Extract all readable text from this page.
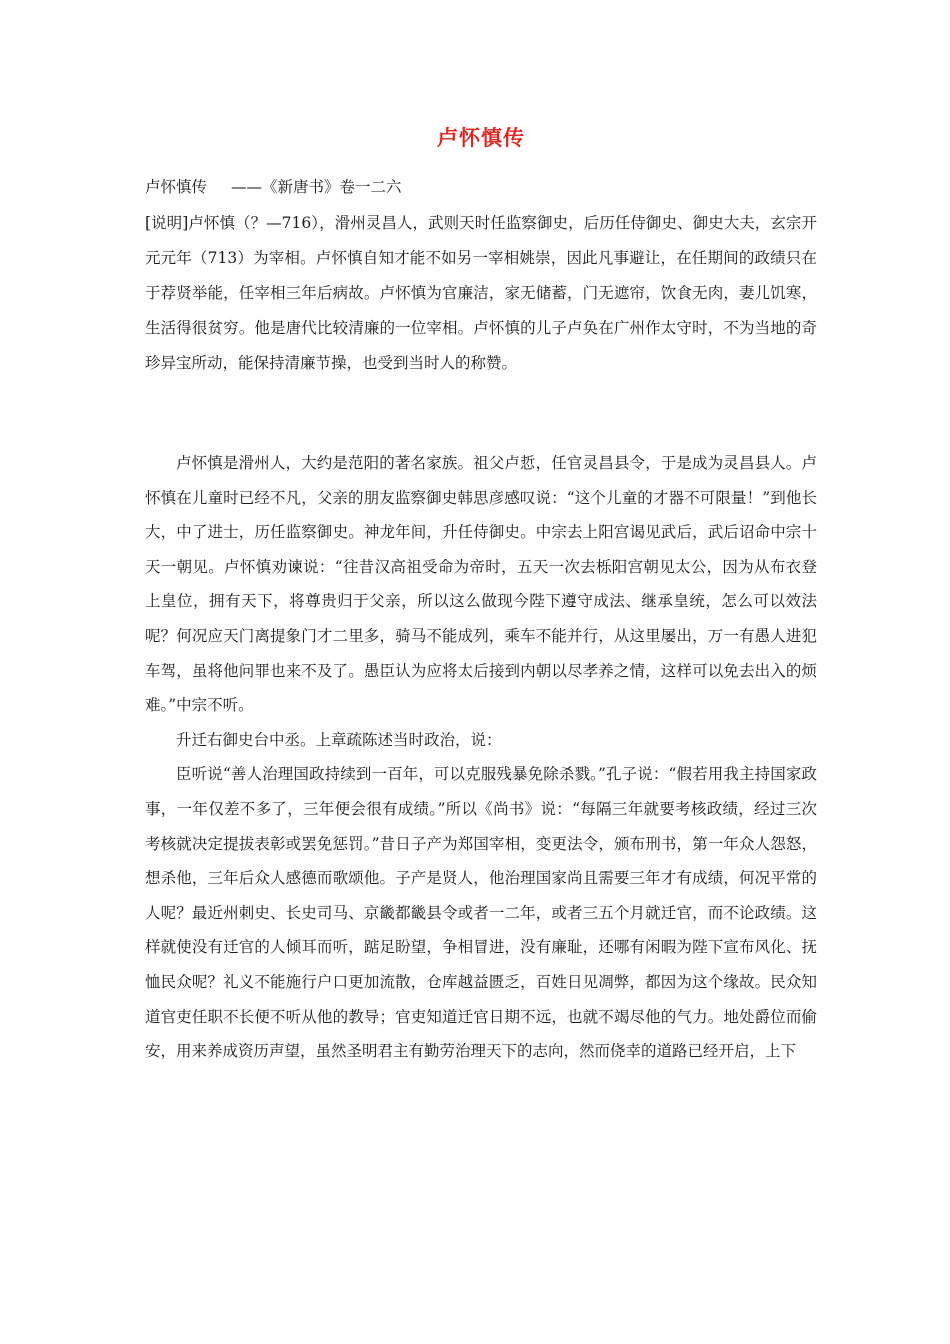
卢怀慎传

卢怀慎传 ——《新唐书》卷一二六

[说明]卢怀慎（？—716），滑州灵昌人，武则天时任监察御史，后历任侍御史、御史大夫，玄宗开元元年（713）为宰相。卢怀慎自知才能不如另一宰相姚崇，因此凡事避让，在任期间的政绩只在于荐贤举能，任宰相三年后病故。卢怀慎为官廉洁，家无储蓄，门无遮帘，饮食无肉，妻儿饥寒，生活得很贫穷。他是唐代比较清廉的一位宰相。卢怀慎的儿子卢奂在广州作太守时，不为当地的奇珍异宝所动，能保持清廉节操，也受到当时人的称赞。

卢怀慎是滑州人，大约是范阳的著名家族。祖父卢悊，任官灵昌县令，于是成为灵昌县人。卢怀慎在儿童时已经不凡，父亲的朋友监察御史韩思彦感叹说：“这个儿童的才器不可限量！”到他长大，中了进士，历任监察御史。神龙年间，升任侍御史。中宗去上阳宫谒见武后，武后诏命中宗十天一朝见。卢怀慎劝谏说：“往昔汉高祖受命为帝时，五天一次去栎阳宫朝见太公，因为从布衣登上皇位，拥有天下，将尊贵归于父亲，所以这么做现今陛下遵守成法、继承皇统，怎么可以效法呢？何况应天门离提象门才二里多，骑马不能成列，乘车不能并行，从这里屡出，万一有愚人进犯车驾，虽将他问罪也来不及了。愚臣认为应将太后接到内朝以尽孝养之情，这样可以免去出入的烦难。”中宗不听。

升迁右御史台中丞。上章疏陈述当时政治，说：

臣听说“善人治理国政持续到一百年，可以克服残暴免除杀戮。”孔子说：“假若用我主持国家政事，一年仅差不多了，三年便会很有成绩。”所以《尚书》说：“每隔三年就要考核政绩，经过三次考核就决定提拔表彰或罢免惩罚。”昔日子产为郑国宰相，变更法令，颁布刑书，第一年众人怨怒，想杀他，三年后众人感德而歌颂他。子产是贤人，他治理国家尚且需要三年才有成绩，何况平常的人呢？最近州刺史、长史司马、京畿都畿县令或者一二年，或者三五个月就迁官，而不论政绩。这样就使没有迁官的人倾耳而听，踮足盼望，争相冒进，没有廉耻，还哪有闲暇为陛下宣布风化、抚恤民众呢？礼义不能施行户口更加流散，仓库越益匮乏，百姓日见凋弊，都因为这个缘故。民众知道官吏任职不长便不听从他的教导；官吏知道迁官日期不远，也就不竭尽他的气力。地处爵位而偷安，用来养成资历声望，虽然圣明君主有勤劳治理天下的志向，然而侥幸的道路已经开启，上下
